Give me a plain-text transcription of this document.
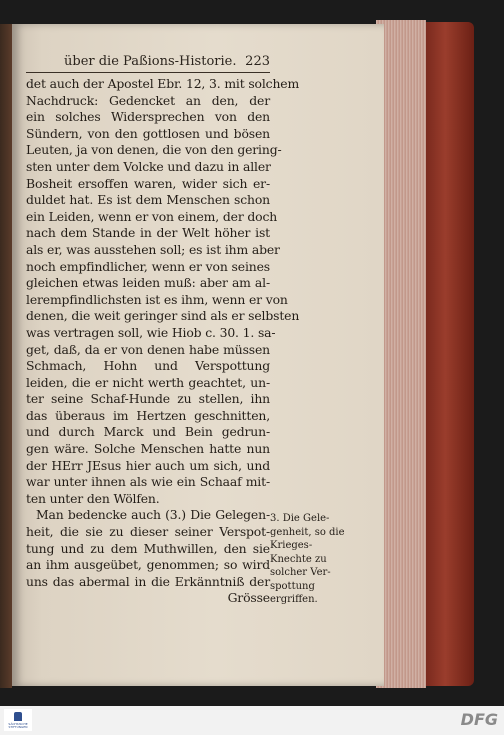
über die Paßions-Historie. 223
det auch der Apostel Ebr. 12, 3. mit solchem
Nachdruck: Gedencket an den, der
ein solches Widersprechen von den
Sündern, von den gottlosen und bösen
Leuten, ja von denen, die von den gering-
sten unter dem Volcke und dazu in aller
Bosheit ersoffen waren, wider sich er-
duldet hat. Es ist dem Menschen schon
ein Leiden, wenn er von einem, der doch
nach dem Stande in der Welt höher ist
als er, was ausstehen soll; es ist ihm aber
noch empfindlicher, wenn er von seines
gleichen etwas leiden muß: aber am al-
lerempfindlichsten ist es ihm, wenn er von
denen, die weit geringer sind als er selbsten
was vertragen soll, wie Hiob c. 30. 1. sa-
get, daß, da er von denen habe müssen
Schmach, Hohn und Verspottung
leiden, die er nicht werth geachtet, un-
ter seine Schaf-Hunde zu stellen, ihn
das überaus im Hertzen geschnitten,
und durch Marck und Bein gedrun-
gen wäre. Solche Menschen hatte nun
der HErr JEsus hier auch um sich, und
war unter ihnen als wie ein Schaaf mit-
ten unter den Wölfen.
Man bedencke auch (3.) Die Gelegen-
heit, die sie zu dieser seiner Verspot-
tung und zu dem Muthwillen, den sie
an ihm ausgeübet, genommen; so wird
uns das abermal in die Erkänntniß der
Grösse
3. Die Gele-
genheit, so die
Krieges-
Knechte zu
solcher Ver-
spottung
ergriffen.
SÄCHSISCHE STIFTUNGEN	DFG
